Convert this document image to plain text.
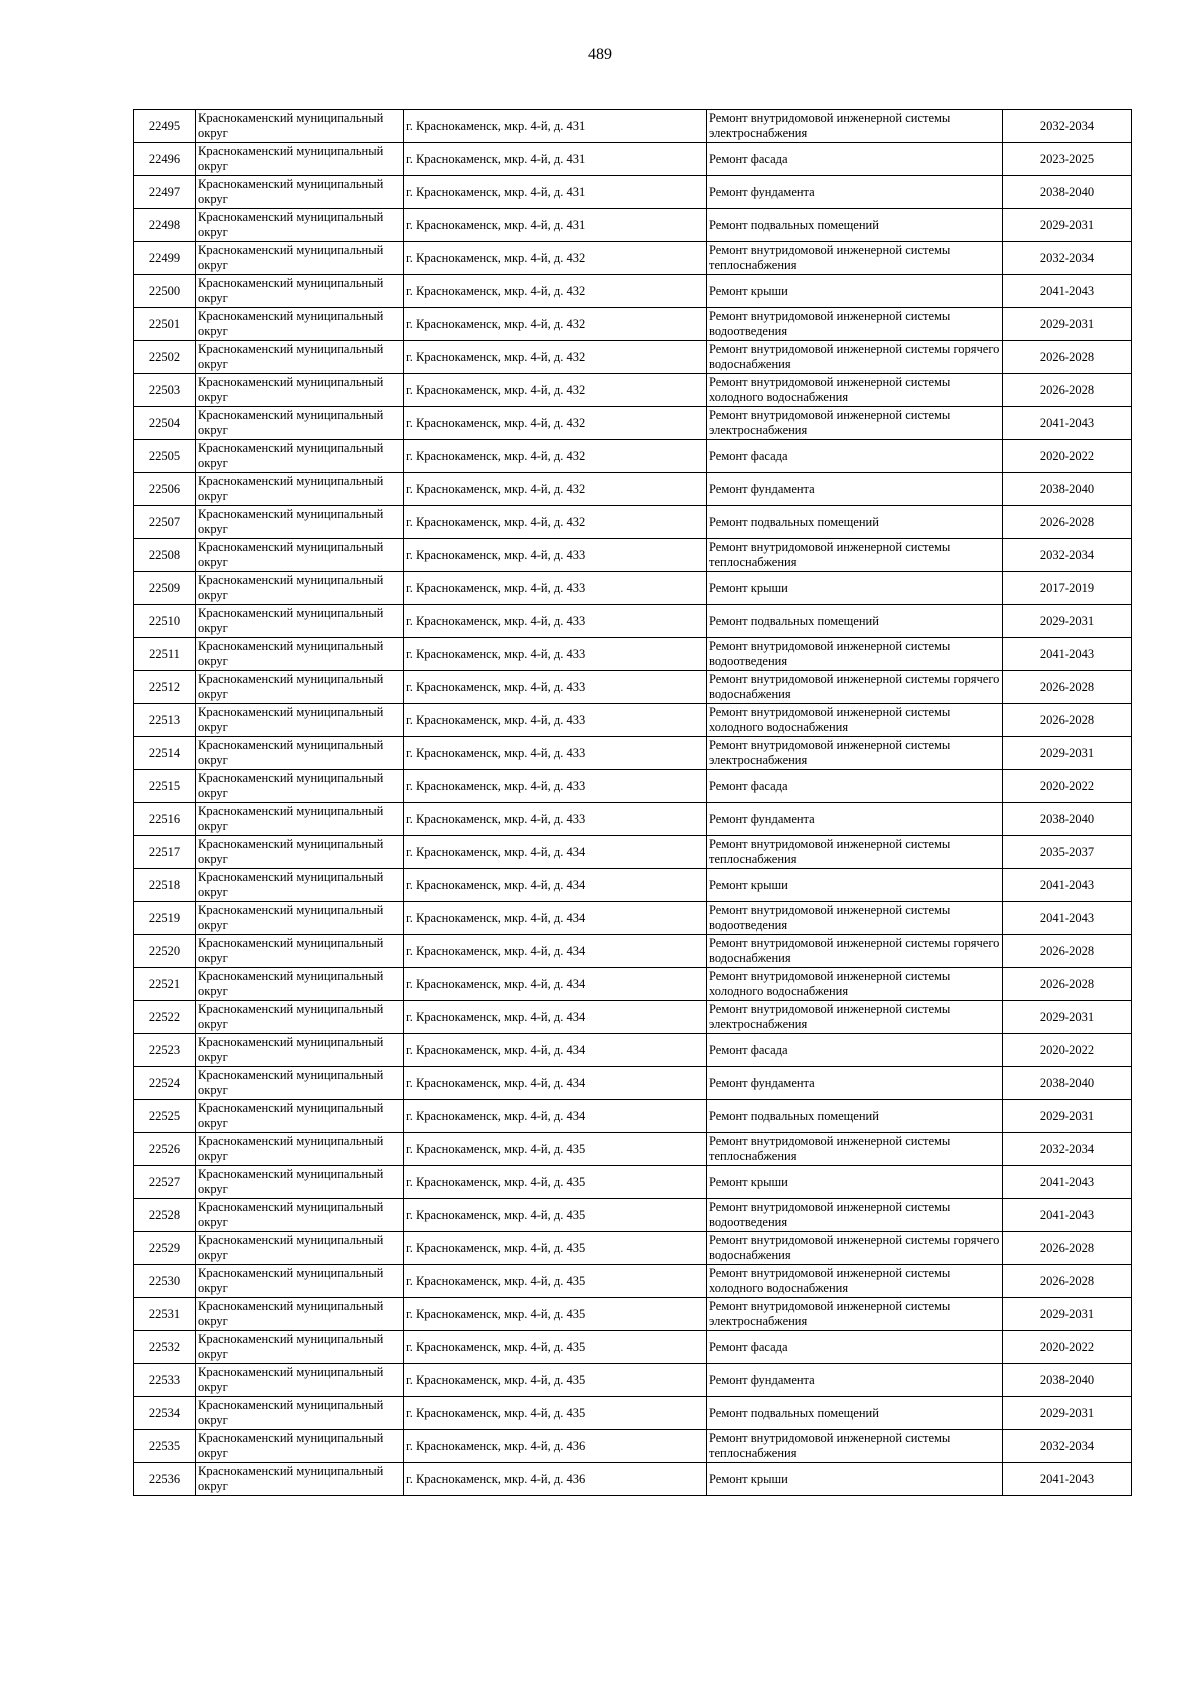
489
22495	Краснокаменский муниципальный округ	г. Краснокаменск, мкр. 4-й, д. 431	Ремонт внутридомовой инженерной системы электроснабжения	2032-2034
22496	Краснокаменский муниципальный округ	г. Краснокаменск, мкр. 4-й, д. 431	Ремонт фасада	2023-2025
22497	Краснокаменский муниципальный округ	г. Краснокаменск, мкр. 4-й, д. 431	Ремонт фундамента	2038-2040
22498	Краснокаменский муниципальный округ	г. Краснокаменск, мкр. 4-й, д. 431	Ремонт подвальных помещений	2029-2031
22499	Краснокаменский муниципальный округ	г. Краснокаменск, мкр. 4-й, д. 432	Ремонт внутридомовой инженерной системы теплоснабжения	2032-2034
22500	Краснокаменский муниципальный округ	г. Краснокаменск, мкр. 4-й, д. 432	Ремонт крыши	2041-2043
22501	Краснокаменский муниципальный округ	г. Краснокаменск, мкр. 4-й, д. 432	Ремонт внутридомовой инженерной системы водоотведения	2029-2031
22502	Краснокаменский муниципальный округ	г. Краснокаменск, мкр. 4-й, д. 432	Ремонт внутридомовой инженерной системы горячего водоснабжения	2026-2028
22503	Краснокаменский муниципальный округ	г. Краснокаменск, мкр. 4-й, д. 432	Ремонт внутридомовой инженерной системы холодного водоснабжения	2026-2028
22504	Краснокаменский муниципальный округ	г. Краснокаменск, мкр. 4-й, д. 432	Ремонт внутридомовой инженерной системы электроснабжения	2041-2043
22505	Краснокаменский муниципальный округ	г. Краснокаменск, мкр. 4-й, д. 432	Ремонт фасада	2020-2022
22506	Краснокаменский муниципальный округ	г. Краснокаменск, мкр. 4-й, д. 432	Ремонт фундамента	2038-2040
22507	Краснокаменский муниципальный округ	г. Краснокаменск, мкр. 4-й, д. 432	Ремонт подвальных помещений	2026-2028
22508	Краснокаменский муниципальный округ	г. Краснокаменск, мкр. 4-й, д. 433	Ремонт внутридомовой инженерной системы теплоснабжения	2032-2034
22509	Краснокаменский муниципальный округ	г. Краснокаменск, мкр. 4-й, д. 433	Ремонт крыши	2017-2019
22510	Краснокаменский муниципальный округ	г. Краснокаменск, мкр. 4-й, д. 433	Ремонт подвальных помещений	2029-2031
22511	Краснокаменский муниципальный округ	г. Краснокаменск, мкр. 4-й, д. 433	Ремонт внутридомовой инженерной системы водоотведения	2041-2043
22512	Краснокаменский муниципальный округ	г. Краснокаменск, мкр. 4-й, д. 433	Ремонт внутридомовой инженерной системы горячего водоснабжения	2026-2028
22513	Краснокаменский муниципальный округ	г. Краснокаменск, мкр. 4-й, д. 433	Ремонт внутридомовой инженерной системы холодного водоснабжения	2026-2028
22514	Краснокаменский муниципальный округ	г. Краснокаменск, мкр. 4-й, д. 433	Ремонт внутридомовой инженерной системы электроснабжения	2029-2031
22515	Краснокаменский муниципальный округ	г. Краснокаменск, мкр. 4-й, д. 433	Ремонт фасада	2020-2022
22516	Краснокаменский муниципальный округ	г. Краснокаменск, мкр. 4-й, д. 433	Ремонт фундамента	2038-2040
22517	Краснокаменский муниципальный округ	г. Краснокаменск, мкр. 4-й, д. 434	Ремонт внутридомовой инженерной системы теплоснабжения	2035-2037
22518	Краснокаменский муниципальный округ	г. Краснокаменск, мкр. 4-й, д. 434	Ремонт крыши	2041-2043
22519	Краснокаменский муниципальный округ	г. Краснокаменск, мкр. 4-й, д. 434	Ремонт внутридомовой инженерной системы водоотведения	2041-2043
22520	Краснокаменский муниципальный округ	г. Краснокаменск, мкр. 4-й, д. 434	Ремонт внутридомовой инженерной системы горячего водоснабжения	2026-2028
22521	Краснокаменский муниципальный округ	г. Краснокаменск, мкр. 4-й, д. 434	Ремонт внутридомовой инженерной системы холодного водоснабжения	2026-2028
22522	Краснокаменский муниципальный округ	г. Краснокаменск, мкр. 4-й, д. 434	Ремонт внутридомовой инженерной системы электроснабжения	2029-2031
22523	Краснокаменский муниципальный округ	г. Краснокаменск, мкр. 4-й, д. 434	Ремонт фасада	2020-2022
22524	Краснокаменский муниципальный округ	г. Краснокаменск, мкр. 4-й, д. 434	Ремонт фундамента	2038-2040
22525	Краснокаменский муниципальный округ	г. Краснокаменск, мкр. 4-й, д. 434	Ремонт подвальных помещений	2029-2031
22526	Краснокаменский муниципальный округ	г. Краснокаменск, мкр. 4-й, д. 435	Ремонт внутридомовой инженерной системы теплоснабжения	2032-2034
22527	Краснокаменский муниципальный округ	г. Краснокаменск, мкр. 4-й, д. 435	Ремонт крыши	2041-2043
22528	Краснокаменский муниципальный округ	г. Краснокаменск, мкр. 4-й, д. 435	Ремонт внутридомовой инженерной системы водоотведения	2041-2043
22529	Краснокаменский муниципальный округ	г. Краснокаменск, мкр. 4-й, д. 435	Ремонт внутридомовой инженерной системы горячего водоснабжения	2026-2028
22530	Краснокаменский муниципальный округ	г. Краснокаменск, мкр. 4-й, д. 435	Ремонт внутридомовой инженерной системы холодного водоснабжения	2026-2028
22531	Краснокаменский муниципальный округ	г. Краснокаменск, мкр. 4-й, д. 435	Ремонт внутридомовой инженерной системы электроснабжения	2029-2031
22532	Краснокаменский муниципальный округ	г. Краснокаменск, мкр. 4-й, д. 435	Ремонт фасада	2020-2022
22533	Краснокаменский муниципальный округ	г. Краснокаменск, мкр. 4-й, д. 435	Ремонт фундамента	2038-2040
22534	Краснокаменский муниципальный округ	г. Краснокаменск, мкр. 4-й, д. 435	Ремонт подвальных помещений	2029-2031
22535	Краснокаменский муниципальный округ	г. Краснокаменск, мкр. 4-й, д. 436	Ремонт внутридомовой инженерной системы теплоснабжения	2032-2034
22536	Краснокаменский муниципальный округ	г. Краснокаменск, мкр. 4-й, д. 436	Ремонт крыши	2041-2043
